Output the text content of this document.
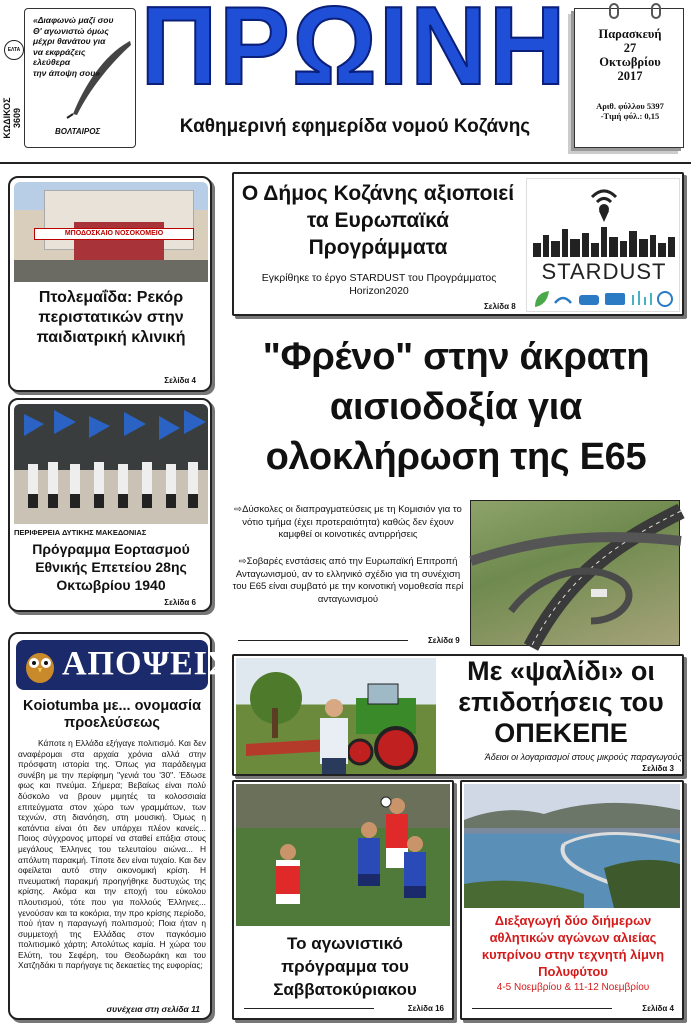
«Διαφωνώ μαζί σου
Θ' αγωνιστώ όμως
μέχρι θανάτου για
να εκφράζεις
ελεύθερα
την άποψη σου»
ΒΟΛΤΑΙΡΟΣ
ΚΩΔΙΚΟΣ 3609
ΕΛΤΑ ΠΡΩΙΝΗ
Καθημερινή εφημερίδα νομού Κοζάνης
Παρασκευή
27
Οκτωβρίου
2017
Αριθ. φύλλου 5397
-Τιμή φύλ.: 0,15
ΜΠΟΔΟΣΚΑΙΟ ΝΟΣΟΚΟΜΕΙΟ
Πτολεμαΐδα: Ρεκόρ περιστατικών στην παιδιατρική κλινική
Σελίδα 4
ΠΕΡΙΦΕΡΕΙΑ ΔΥΤΙΚΗΣ ΜΑΚΕΔΟΝΙΑΣ
Πρόγραμμα Εορτασμού Εθνικής Επετείου 28ης Οκτωβρίου 1940
Σελίδα 6
ΑΠΟΨΕΙΣ
Koiotumba με... ονομασία προελεύσεως
Κάποτε η Ελλάδα εξήγαγε πολιτισμό. Και δεν αναφέρομαι στα αρχαία χρόνια αλλά στην πρόσφατη ιστορία της. Όπως για παράδειγμα συνέβη με την περίφημη "γενιά του '30". Έδωσε φως και πνεύμα. Σήμερα; Βεβαίως είναι πολύ δύσκολο να βρουν μιμητές τα κολοσσιαία επιτεύγματα στον χώρο των γραμμάτων, των τεχνών, στη διανόηση, στη μουσική. Όμως η κατάντια είναι ότι δεν υπάρχει πλέον κανείς... Ποιος σύγχρονος μπορεί να σταθεί επάξια στους μεγάλους Έλληνες του τελευταίου αιώνα... Η απόλυτη παρακμή. Τίποτε δεν είναι τυχαίο. Και δεν οφείλεται αυτό στην οικονομική κρίση. Η πνευματική παρακμή προηγήθηκε δυστυχώς της κρίσης. Ακόμα και την εποχή του εύκολου πλουτισμού, τότε που για πολλούς Έλληνες... γενούσαν και τα κοκόρια, την προ κρίσης περίοδο, πού ήταν η παραγωγή πολιτισμού; Ποια ήταν η συμμετοχή της Ελλάδας στον παγκόσμιο πολιτισμικό χάρτη; Απολύτως καμία. Η χώρα του Ελύτη, του Σεφέρη, του Θεοδωράκη και του Χατζηδάκι τι παρήγαγε τις δεκαετίες της ευφορίας;
συνέχεια στη σελίδα 11
Ο Δήμος Κοζάνης αξιοποιεί τα Ευρωπαϊκά Προγράμματα
Εγκρίθηκε το έργο STARDUST του Προγράμματος Horizon2020
Σελίδα 8
STARDUST
"Φρένο" στην άκρατη αισιοδοξία για ολοκλήρωση της Ε65
⇨Δύσκολες οι διαπραγματεύσεις με τη Κομισιόν για το νότιο τμήμα (έχει προτεραιότητα) καθώς δεν έχουν καμφθεί οι κοινοτικές αντιρρήσεις
⇨Σοβαρές ενστάσεις από την Ευρωπαϊκή Επιτροπή Ανταγωνισμού, αν το ελληνικό σχέδιο για τη συνέχιση του Ε65 είναι συμβατό με την κοινοτική νομοθεσία περί ανταγωνισμού
Σελίδα 9
Με «ψαλίδι» οι επιδοτήσεις του ΟΠΕΚΕΠΕ
Άδειοι οι λογαριασμοί στους μικρούς παραγωγούς
Σελίδα 3
Το αγωνιστικό πρόγραμμα του Σαββατοκύριακου
Σελίδα 16
Διεξαγωγή δύο διήμερων αθλητικών αγώνων αλιείας κυπρίνου στην τεχνητή λίμνη Πολυφύτου
4-5 Νοεμβρίου & 11-12 Νοεμβρίου
Σελίδα 4
